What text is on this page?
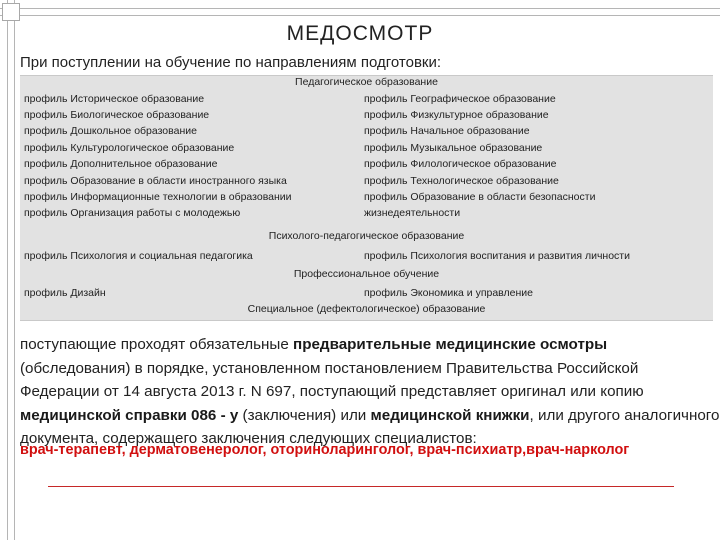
МЕДОСМОТР
При поступлении на обучение по направлениям подготовки:
Педагогическое образование
профиль Историческое образование	профиль Географическое образование
профиль Биологическое образование	профиль Физкультурное образование
профиль Дошкольное образование	профиль Начальное образование
профиль Культурологическое образование	профиль Музыкальное образование
профиль Дополнительное образование	профиль Филологическое образование
профиль Образование в области иностранного языка	профиль Технологическое образование
профиль Информационные технологии в образовании	профиль Образование в области безопасности
профиль Организация работы с молодежью	жизнедеятельности
Психолого-педагогическое образование
профиль Психология и социальная педагогика	профиль Психология воспитания и развития личности
Профессиональное обучение
профиль Дизайн	профиль Экономика и управление
Специальное (дефектологическое) образование

поступающие проходят обязательные предварительные медицинские осмотры (обследования) в порядке, установленном постановлением Правительства Российской Федерации от 14 августа 2013 г. N 697, поступающий представляет оригинал или копию медицинской справки 086 - у (заключения) или медицинской книжки, или другого аналогичного документа, содержащего заключения следующих специалистов:

врач-терапевт, дерматовенеролог, оториноларинголог, врач-психиатр,врач-нарколог
